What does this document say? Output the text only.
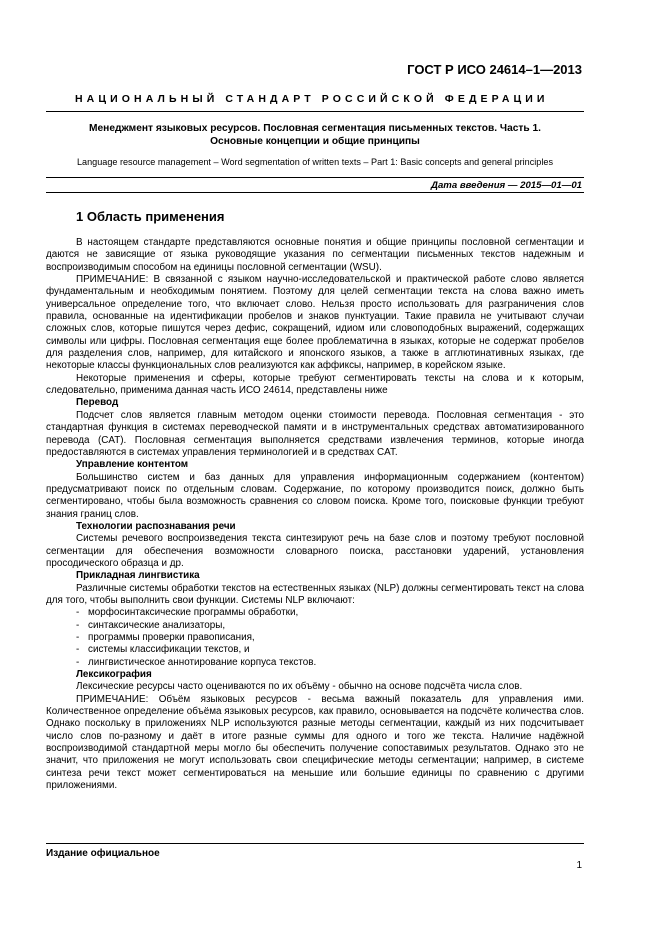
ГОСТ Р ИСО 24614–1—2013
НАЦИОНАЛЬНЫЙ СТАНДАРТ РОССИЙСКОЙ ФЕДЕРАЦИИ
Менеджмент языковых ресурсов. Пословная сегментация письменных текстов. Часть 1.
Основные концепции и общие принципы
Language resource management – Word segmentation of written texts – Part 1: Basic concepts and general principles
Дата введения — 2015—01—01
1 Область применения

В настоящем стандарте представляются основные понятия и общие принципы пословной сегментации и даются не зависящие от языка руководящие указания по сегментации письменных текстов надежным и воспроизводимым способом на единицы пословной сегментации (WSU).

ПРИМЕЧАНИЕ: В связанной с языком научно-исследовательской и практической работе слово является фундаментальным и необходимым понятием. Поэтому для целей сегментации текста на слова важно иметь универсальное определение того, что включает слово. Нельзя просто использовать для разграничения слов правила, основанные на идентификации пробелов и знаков пунктуации. Такие правила не учитывают случаи сложных слов, которые пишутся через дефис, сокращений, идиом или словоподобных выражений, содержащих символы или цифры. Пословная сегментация еще более проблематична в языках, которые не содержат пробелов для разделения слов, например, для китайского и японского языков, а также в агглютинативных языках, где некоторые классы функциональных слов реализуются как аффиксы, например, в корейском языке.

Некоторые применения и сферы, которые требуют сегментировать тексты на слова и к которым, следовательно, применима данная часть ИСО 24614, представлены ниже

Перевод

Подсчет слов является главным методом оценки стоимости перевода. Пословная сегментация - это стандартная функция в системах переводческой памяти и в инструментальных средствах автоматизированного перевода (CAT). Пословная сегментация выполняется средствами извлечения терминов, которые иногда предоставляются в системах управления терминологией и в средствах CAT.

Управление контентом

Большинство систем и баз данных для управления информационным содержанием (контентом) предусматривают поиск по отдельным словам. Содержание, по которому производится поиск, должно быть сегментировано, чтобы была возможность сравнения со словом поиска. Кроме того, поисковые функции требуют знания границ слов.

Технологии распознавания речи

Системы речевого воспроизведения текста синтезируют речь на базе слов и поэтому требуют пословной сегментации для обеспечения возможности словарного поиска, расстановки ударений, установления просодического образца и др.

Прикладная лингвистика

Различные системы обработки текстов на естественных языках (NLP) должны сегментировать текст на слова для того, чтобы выполнить свои функции. Системы NLP включают:

- морфосинтаксические программы обработки,
- синтаксические анализаторы,
- программы проверки правописания,
- системы классификации текстов, и
- лингвистическое аннотирование корпуса текстов.

Лексикография

Лексические ресурсы часто оцениваются по их объёму - обычно на основе подсчёта числа слов.

ПРИМЕЧАНИЕ: Объём языковых ресурсов - весьма важный показатель для управления ими. Количественное определение объёма языковых ресурсов, как правило, основывается на подсчёте количества слов. Однако поскольку в приложениях NLP используются разные методы сегментации, каждый из них подсчитывает число слов по-разному и даёт в итоге разные суммы для одного и того же текста. Наличие надёжной воспроизводимой стандартной меры могло бы обеспечить получение сопоставимых результатов. Однако это не значит, что приложения не могут использовать свои специфические методы сегментации; например, в системе синтеза речи текст может сегментироваться на меньшие или большие единицы по сравнению с другими приложениями.

Издание официальное
1
